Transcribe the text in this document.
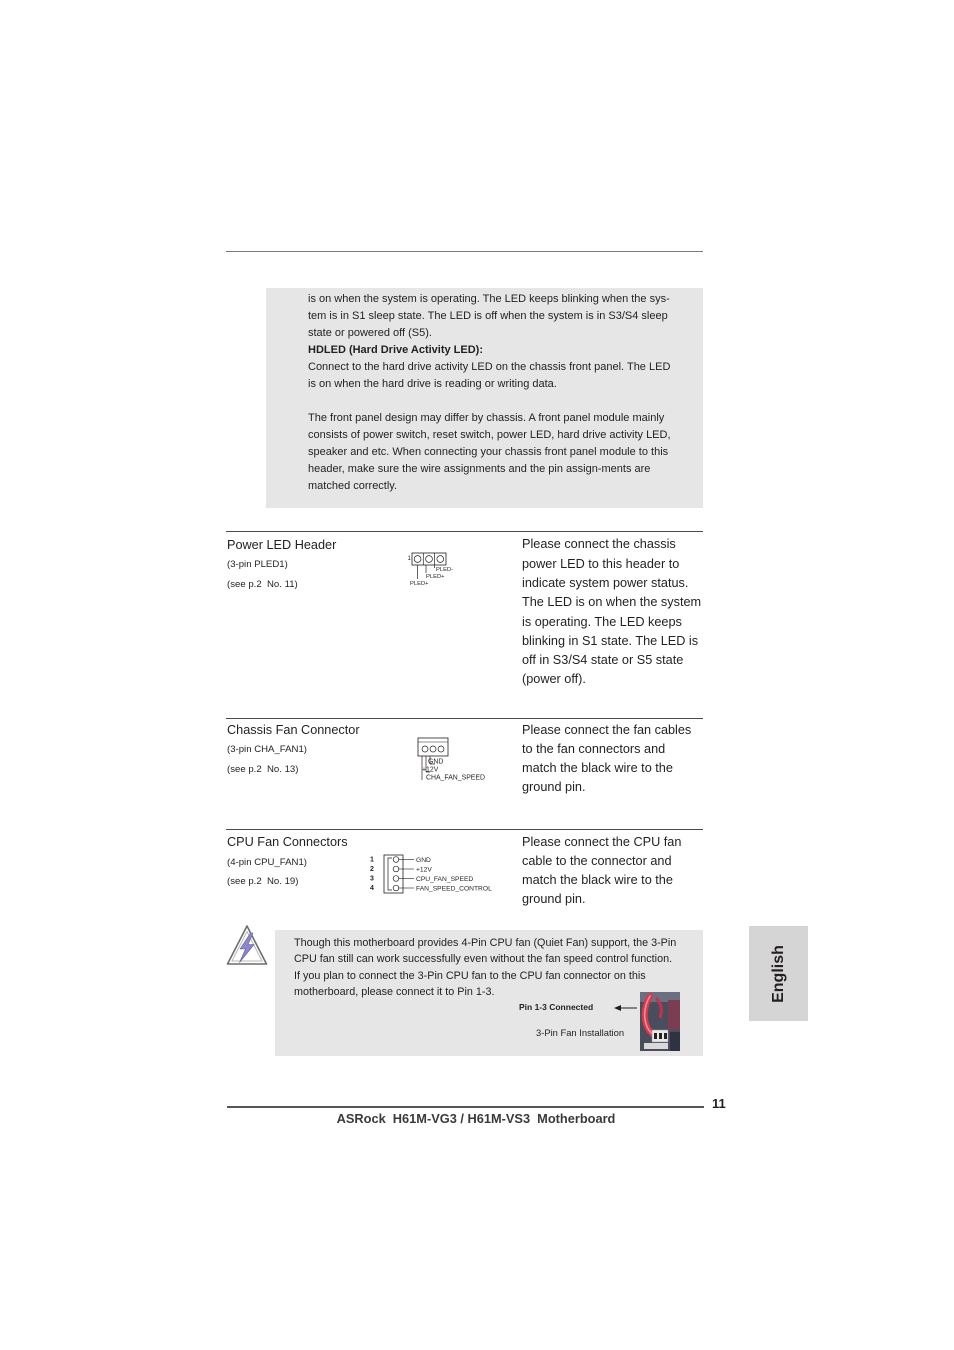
is on when the system is operating. The LED keeps blinking when the sys-
tem is in S1 sleep state. The LED is off when the system is in S3/S4 sleep
state or powered off (S5).
HDLED (Hard Drive Activity LED):
Connect to the hard drive activity LED on the chassis front panel. The LED
is on when the hard drive is reading or writing data.
The front panel design may differ by chassis. A front panel module mainly
consists of power switch, reset switch, power LED, hard drive activity LED,
speaker and etc. When connecting your chassis front panel module to this
header, make sure the wire assignments and the pin assign-ments are
matched correctly.
Power LED Header
(3-pin PLED1)
(see p.2  No. 11)
1
PLED-
PLED+
PLED+
Please connect the chassis
power LED to this header to
indicate system power status.
The LED is on when the system
is operating. The LED keeps
blinking in S1 state. The LED is
off in S3/S4 state or S5 state
(power off).
Chassis Fan Connector
(3-pin CHA_FAN1)
(see p.2  No. 13)
GND
+12V
CHA_FAN_SPEED
Please connect the fan cables
to the fan connectors and
match the black wire to the
ground pin.
CPU Fan Connectors
(4-pin CPU_FAN1)
(see p.2  No. 19)
1
2
3
4
GND
+12V
CPU_FAN_SPEED
FAN_SPEED_CONTROL
Please connect the CPU fan
cable to the connector and
match the black wire to the
ground pin.
Though this motherboard provides 4-Pin CPU fan (Quiet Fan) support, the 3-Pin
CPU fan still can work successfully even without the fan speed control function.
If you plan to connect the 3-Pin CPU fan to the CPU fan connector on this
motherboard, please connect it to Pin 1-3.
Pin 1-3 Connected
3-Pin Fan Installation
English
11
ASRock  H61M-VG3 / H61M-VS3  Motherboard
